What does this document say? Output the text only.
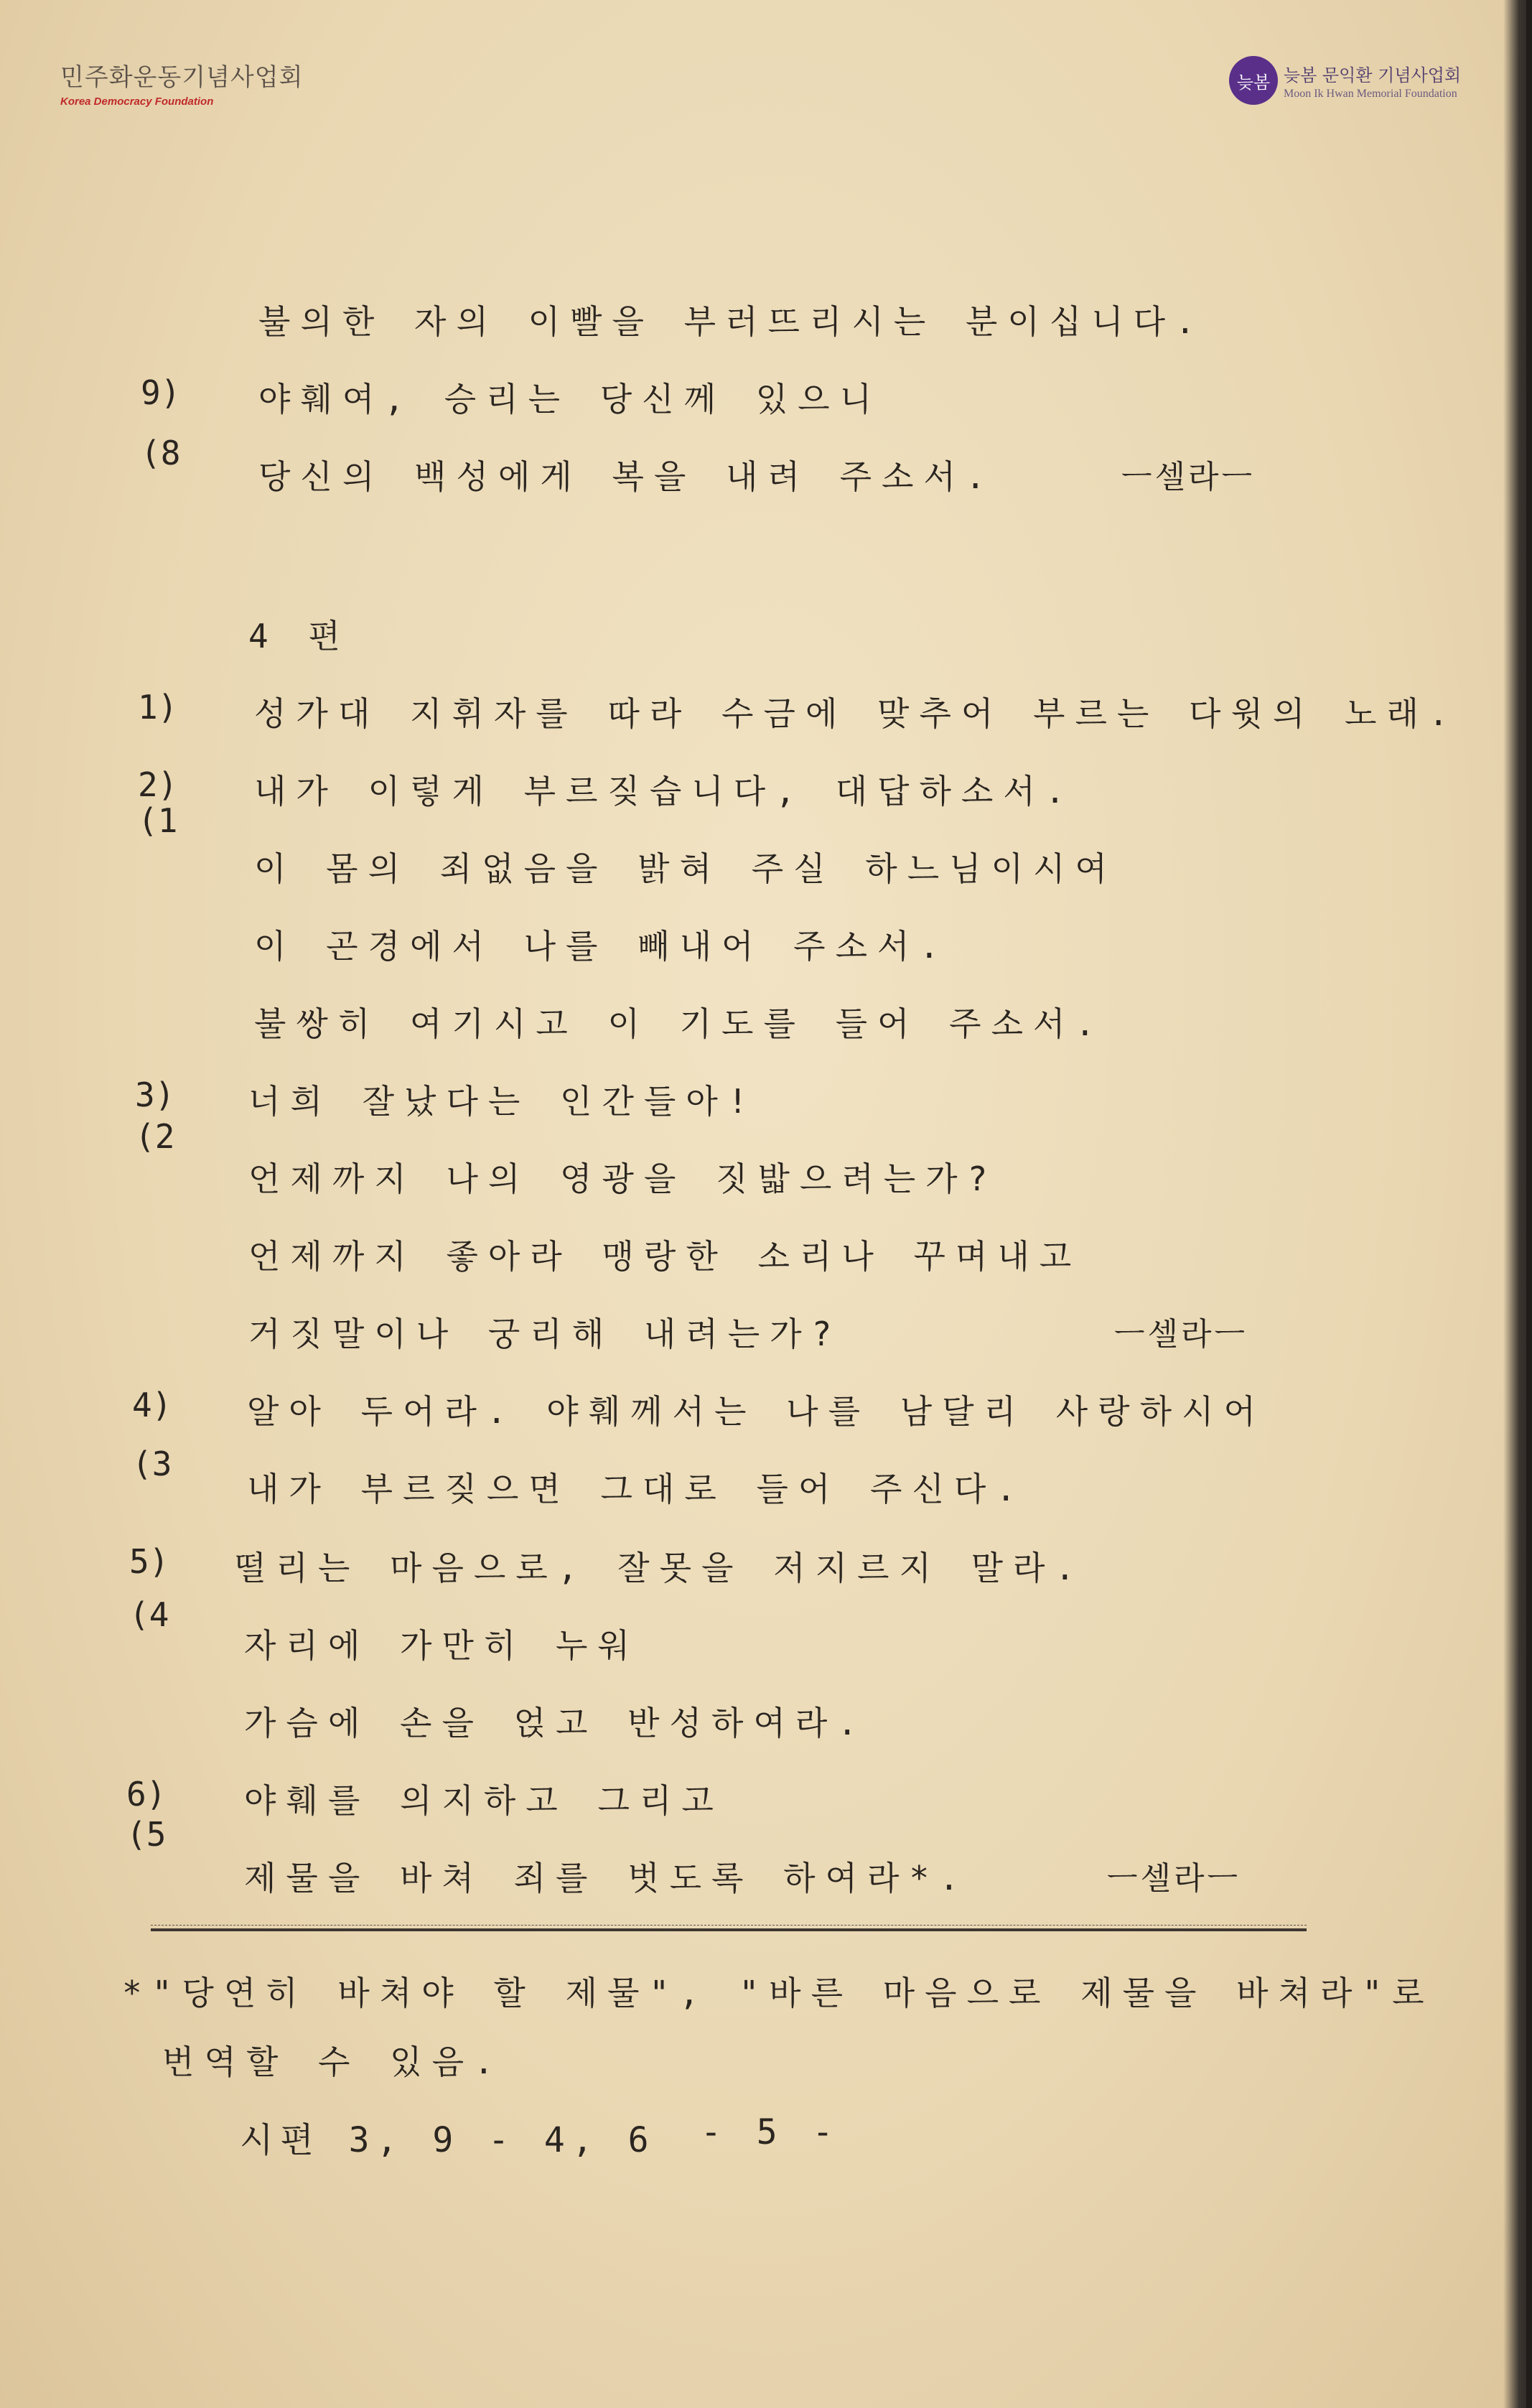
민주화운동기념사업회
Korea Democracy Foundation
늦봄 늦봄 문익환 기념사업회
Moon Ik Hwan Memorial Foundation
불의한 자의 이빨을 부러뜨리시는 분이십니다.
9) 야훼여, 승리는 당신께 있으니
(8
당신의 백성에게 복을 내려 주소서.	ㅡ셀라ㅡ
4 편
1) 성가대 지휘자를 따라 수금에 맞추어 부르는 다윗의 노래.
2) 내가 이렇게 부르짖습니다, 대답하소서.
(1
이 몸의 죄없음을 밝혀 주실 하느님이시여
이 곤경에서 나를 빼내어 주소서.
불쌍히 여기시고 이 기도를 들어 주소서.
3) 너희 잘났다는 인간들아!
(2
언제까지 나의 영광을 짓밟으려는가?
언제까지 좋아라 맹랑한 소리나 꾸며내고
거짓말이나 궁리해 내려는가?	ㅡ셀라ㅡ
4) 알아 두어라. 야훼께서는 나를 남달리 사랑하시어
(3
내가 부르짖으면 그대로 들어 주신다.
5) 떨리는 마음으로, 잘못을 저지르지 말라.
(4
자리에 가만히 누워
가슴에 손을 얹고 반성하여라.
6) 야훼를 의지하고 그리고
(5
제물을 바쳐 죄를 벗도록 하여라*.	ㅡ셀라ㅡ
*"당연히 바쳐야 할 제물", "바른 마음으로 제물을 바쳐라"로
번역할 수 있음.
시편 3, 9 - 4, 6 - 5 -
